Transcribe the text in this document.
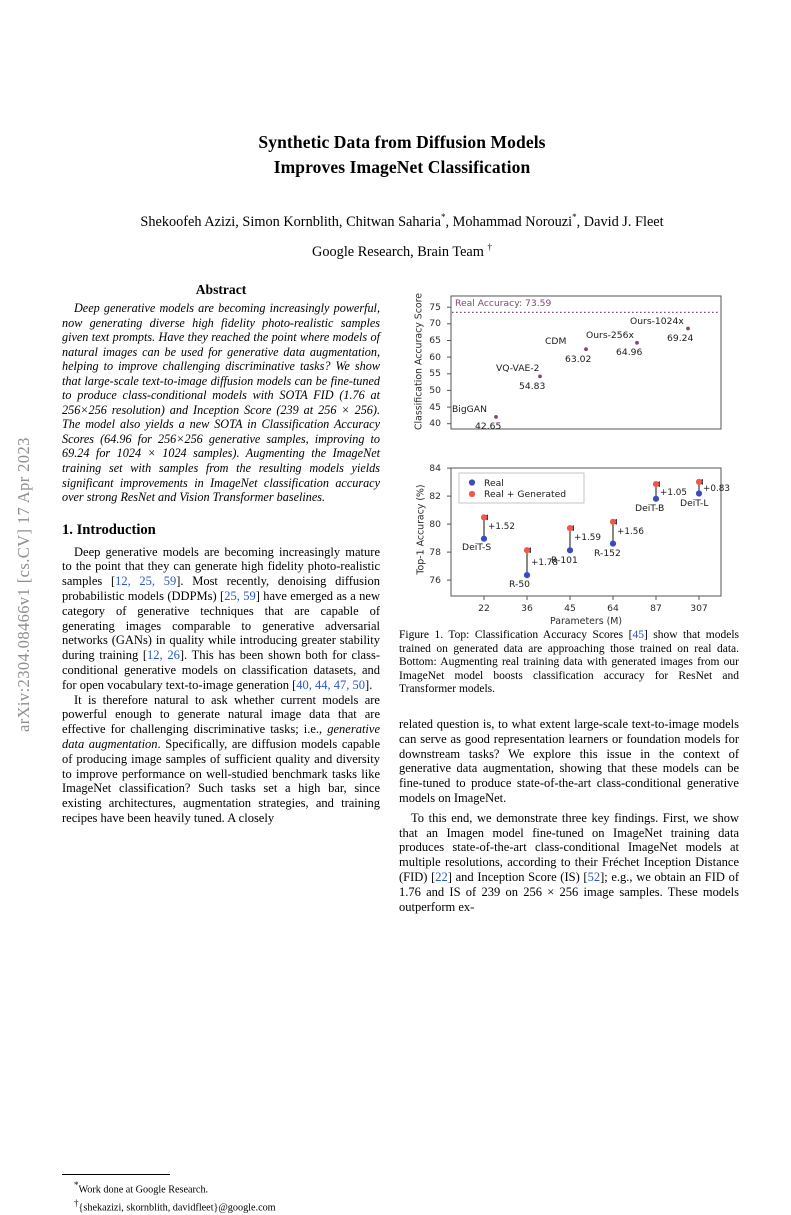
arXiv:2304.08466v1 [cs.CV] 17 Apr 2023
Synthetic Data from Diffusion Models
Improves ImageNet Classification
Shekoofeh Azizi, Simon Kornblith, Chitwan Saharia*, Mohammad Norouzi*, David J. Fleet
Google Research, Brain Team †
Abstract

Deep generative models are becoming increasingly powerful, now generating diverse high fidelity photo-realistic samples given text prompts. Have they reached the point where models of natural images can be used for generative data augmentation, helping to improve challenging discriminative tasks? We show that large-scale text-to-image diffusion models can be fine-tuned to produce class-conditional models with SOTA FID (1.76 at 256×256 resolution) and Inception Score (239 at 256 × 256). The model also yields a new SOTA in Classification Accuracy Scores (64.96 for 256×256 generative samples, improving to 69.24 for 1024 × 1024 samples). Augmenting the ImageNet training set with samples from the resulting models yields significant improvements in ImageNet classification accuracy over strong ResNet and Vision Transformer baselines.

1. Introduction

Deep generative models are becoming increasingly mature to the point that they can generate high fidelity photo-realistic samples [12, 25, 59]. Most recently, denoising diffusion probabilistic models (DDPMs) [25, 59] have emerged as a new category of generative techniques that are capable of generating images comparable to generative adversarial networks (GANs) in quality while introducing greater stability during training [12, 26]. This has been shown both for class-conditional generative models on classification datasets, and for open vocabulary text-to-image generation [40, 44, 47, 50].

It is therefore natural to ask whether current models are powerful enough to generate natural image data that are effective for challenging discriminative tasks; i.e., generative data augmentation. Specifically, are diffusion models capable of producing image samples of sufficient quality and diversity to improve performance on well-studied benchmark tasks like ImageNet classification? Such tasks set a high bar, since existing architectures, augmentation strategies, and training recipes have been heavily tuned. A closely

*Work done at Google Research.
†{shekazizi, skornblith, davidfleet}@google.com
Classification Accuracy Score 40
45
50
55
60
65
70
75 Real Accuracy: 73.59
BigGAN
VQ-VAE-2
CDM
Ours-256x
Ours-1024x
42.65
54.83
63.02
64.96
69.24
Real
Real + Generated
Top-1 Accuracy (%)
76
78
80
82
84
22	36	45	64	87	307
Parameters (M)
DeiT-S
R-50
R-101
R-152
DeiT-B DeiT-L
+1.52
+1.78
+1.59
+1.56
+1.05 +0.83

Figure 1. Top: Classification Accuracy Scores [45] show that models trained on generated data are approaching those trained on real data. Bottom: Augmenting real training data with generated images from our ImageNet model boosts classification accuracy for ResNet and Transformer models.

related question is, to what extent large-scale text-to-image models can serve as good representation learners or foundation models for downstream tasks? We explore this issue in the context of generative data augmentation, showing that these models can be fine-tuned to produce state-of-the-art class-conditional generative models on ImageNet.

To this end, we demonstrate three key findings. First, we show that an Imagen model fine-tuned on ImageNet training data produces state-of-the-art class-conditional ImageNet models at multiple resolutions, according to their Fréchet Inception Distance (FID) [22] and Inception Score (IS) [52]; e.g., we obtain an FID of 1.76 and IS of 239 on 256 × 256 image samples. These models outperform ex-
